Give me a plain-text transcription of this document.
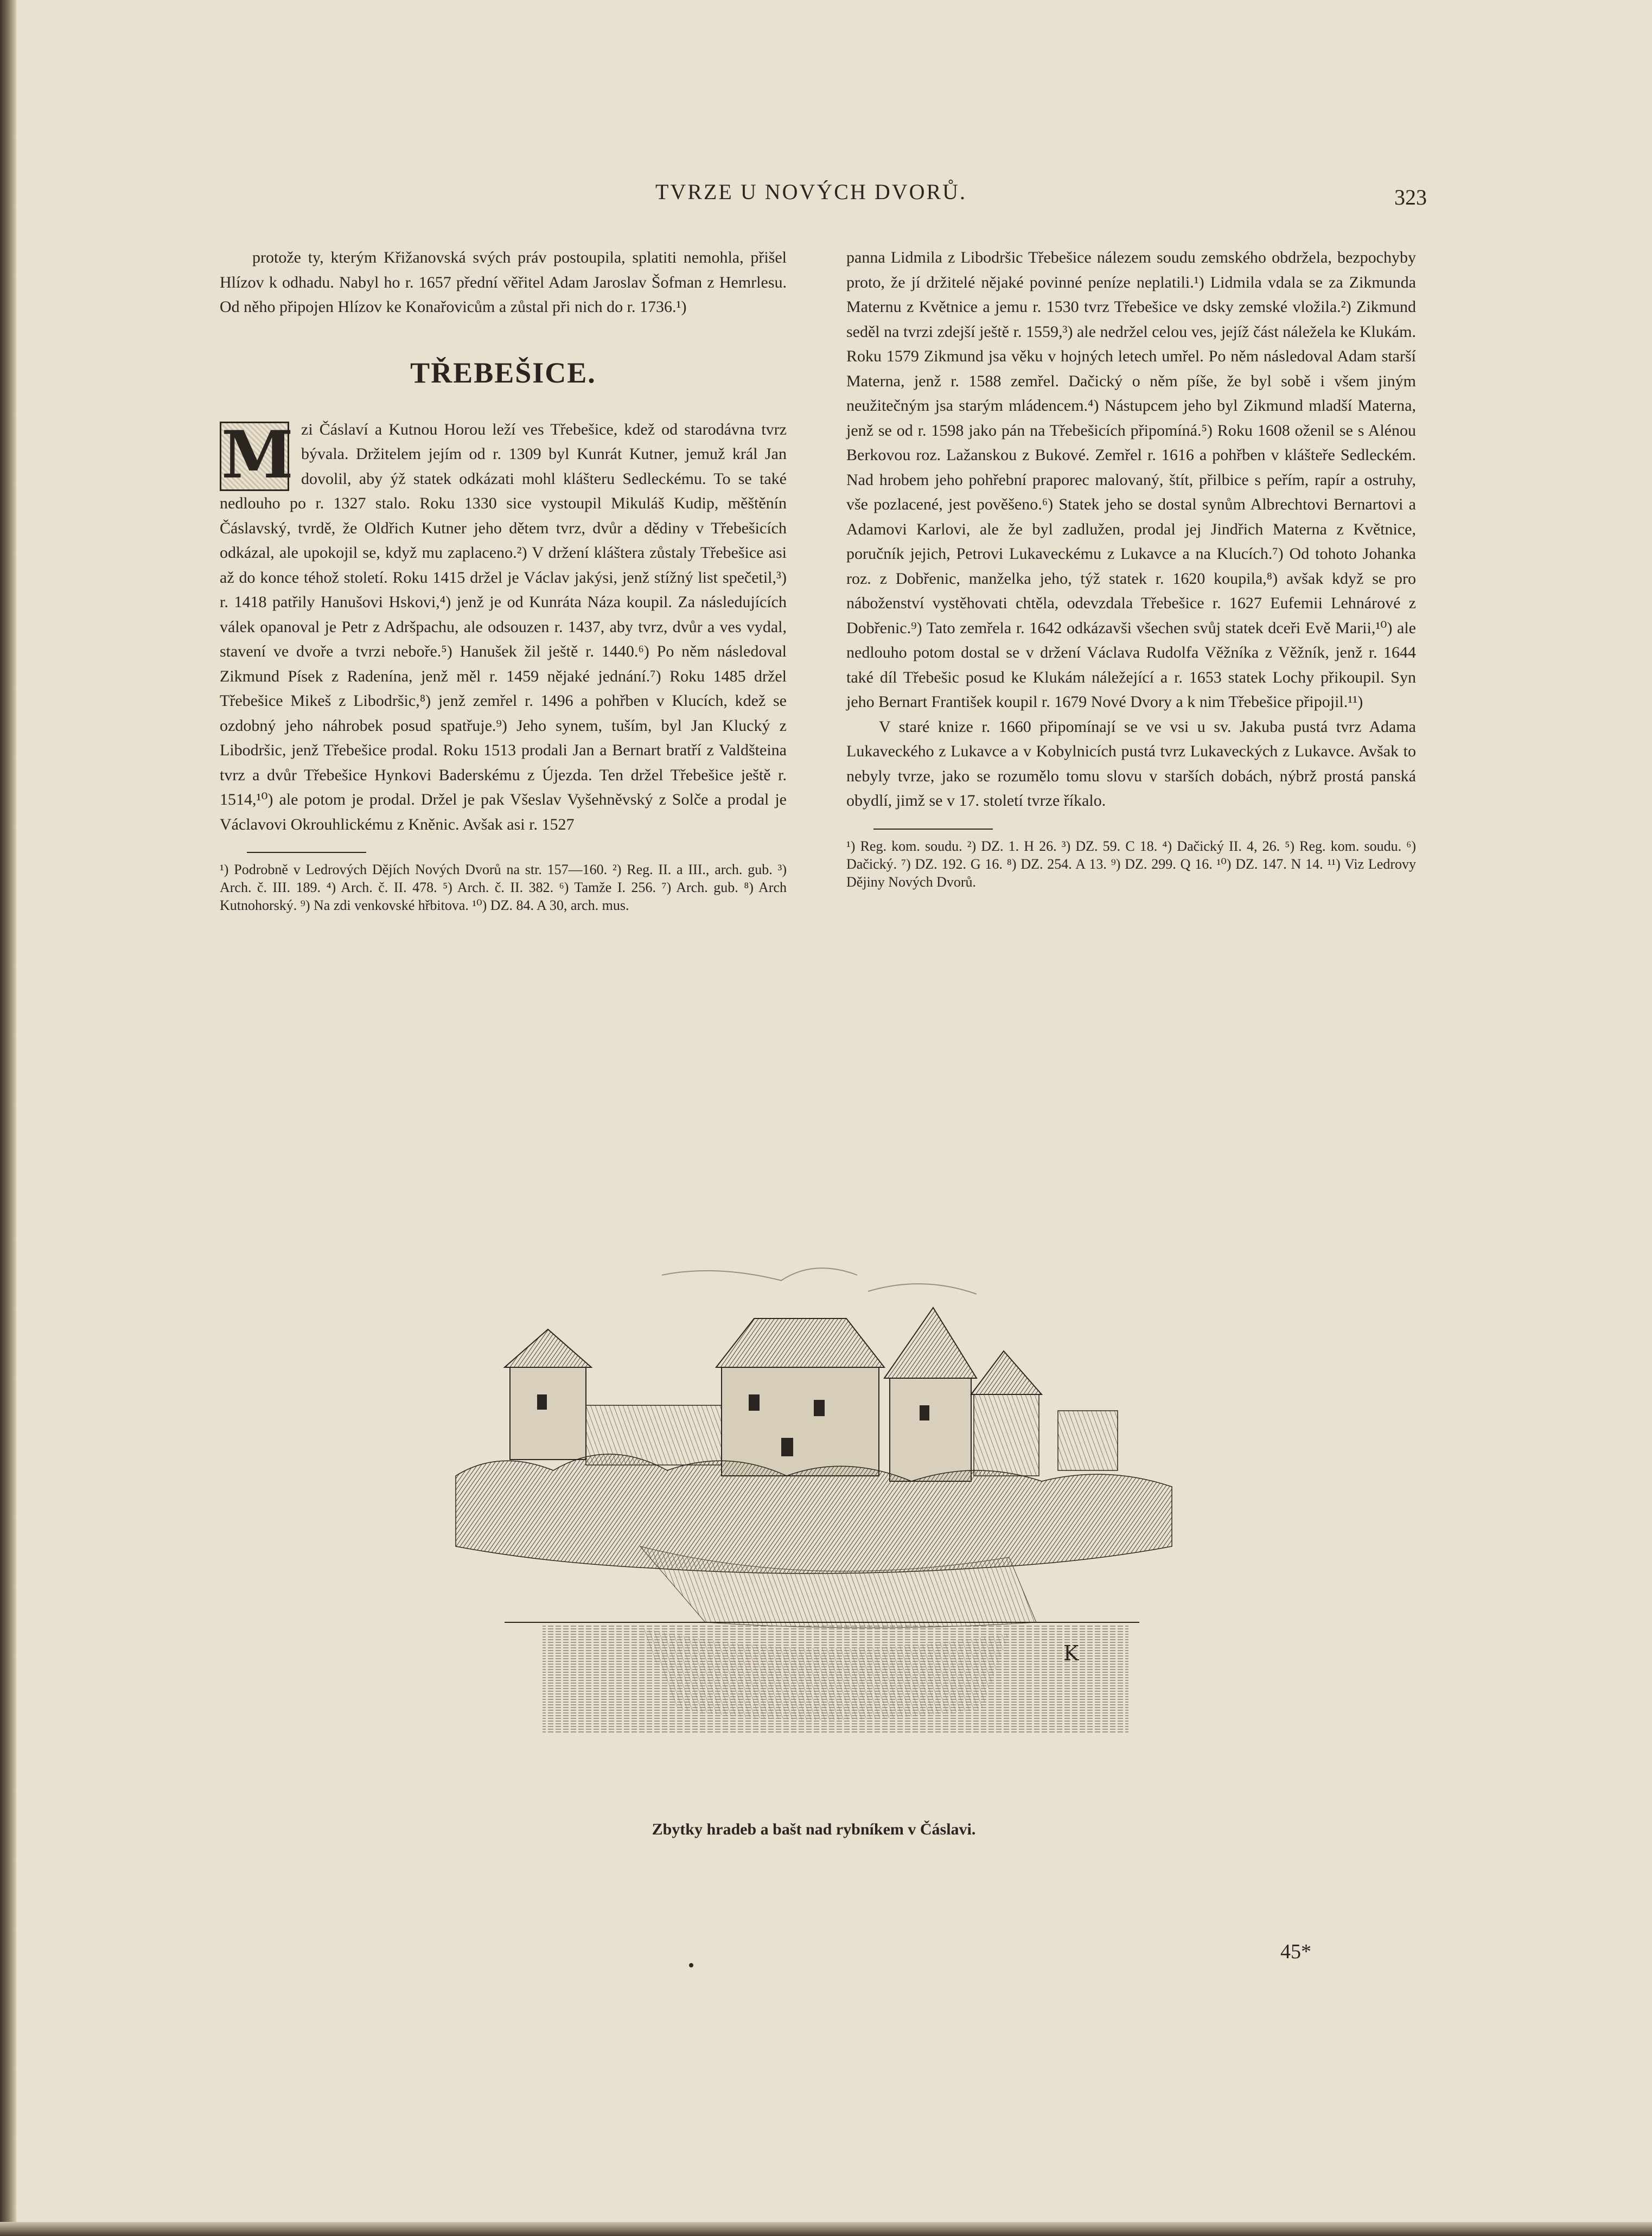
TVRZE U NOVÝCH DVORŮ.	323

protože ty, kterým Křižanovská svých práv postoupila, splatiti nemohla, přišel Hlízov k odhadu. Nabyl ho r. 1657 přední věřitel Adam Jaroslav Šofman z Hemrlesu. Od něho připojen Hlízov ke Konařovicům a zůstal při nich do r. 1736.¹)

TŘEBEŠICE.
M zi Čáslaví a Kutnou Horou leží ves Třebešice, kdež od starodávna tvrz bývala. Držitelem jejím od r. 1309 byl Kunrát Kutner, jemuž král Jan dovolil, aby ýž statek odkázati mohl klášteru Sedleckému. To se také nedlouho po r. 1327 stalo. Roku 1330 sice vystoupil Mikuláš Kudip, měštěnín Čáslavský, tvrdě, že Oldřich Kutner jeho dětem tvrz, dvůr a dědiny v Třebešicích odkázal, ale upokojil se, když mu zaplaceno.²) V držení kláštera zůstaly Třebešice asi až do konce téhož století. Roku 1415 držel je Václav jakýsi, jenž stížný list spečetil,³) r. 1418 patřily Hanušovi Hskovi,⁴) jenž je od Kunráta Náza koupil. Za následujících válek opanoval je Petr z Adršpachu, ale odsouzen r. 1437, aby tvrz, dvůr a ves vydal, stavení ve dvoře a tvrzi neboře.⁵) Hanušek žil ještě r. 1440.⁶) Po něm následoval Zikmund Písek z Radenína, jenž měl r. 1459 nějaké jednání.⁷) Roku 1485 držel Třebešice Mikeš z Libodršic,⁸) jenž zemřel r. 1496 a pohřben v Klucích, kdež se ozdobný jeho náhrobek posud spatřuje.⁹) Jeho synem, tuším, byl Jan Klucký z Libodršic, jenž Třebešice prodal. Roku 1513 prodali Jan a Bernart bratří z Valdšteina tvrz a dvůr Třebešice Hynkovi Baderskému z Újezda. Ten držel Třebešice ještě r. 1514,¹⁰) ale potom je prodal. Držel je pak Všeslav Vyšehněvský z Solče a prodal je Václavovi Okrouhlickému z Kněnic. Avšak asi r. 1527

¹) Podrobně v Ledrových Dějích Nových Dvorů na str. 157—160. ²) Reg. II. a III., arch. gub. ³) Arch. č. III. 189. ⁴) Arch. č. II. 478. ⁵) Arch. č. II. 382. ⁶) Tamže I. 256. ⁷) Arch. gub. ⁸) Arch Kutnohorský. ⁹) Na zdi venkovské hřbitova. ¹⁰) DZ. 84. A 30, arch. mus.

panna Lidmila z Libodršic Třebešice nálezem soudu zemského obdržela, bezpochyby proto, že jí držitelé nějaké povinné peníze neplatili.¹) Lidmila vdala se za Zikmunda Maternu z Květnice a jemu r. 1530 tvrz Třebešice ve dsky zemské vložila.²) Zikmund seděl na tvrzi zdejší ještě r. 1559,³) ale nedržel celou ves, jejíž část náležela ke Klukám. Roku 1579 Zikmund jsa věku v hojných letech umřel. Po něm následoval Adam starší Materna, jenž r. 1588 zemřel. Dačický o něm píše, že byl sobě i všem jiným neužitečným jsa starým mládencem.⁴) Nástupcem jeho byl Zikmund mladší Materna, jenž se od r. 1598 jako pán na Třebešicích připomíná.⁵) Roku 1608 oženil se s Alénou Berkovou roz. Lažanskou z Bukové. Zemřel r. 1616 a pohřben v klášteře Sedleckém. Nad hrobem jeho pohřební praporec malovaný, štít, přilbice s peřím, rapír a ostruhy, vše pozlacené, jest pověšeno.⁶) Statek jeho se dostal synům Albrechtovi Bernartovi a Adamovi Karlovi, ale že byl zadlužen, prodal jej Jindřich Materna z Květnice, poručník jejich, Petrovi Lukaveckému z Lukavce a na Klucích.⁷) Od tohoto Johanka roz. z Dobřenic, manželka jeho, týž statek r. 1620 koupila,⁸) avšak když se pro náboženství vystěhovati chtěla, odevzdala Třebešice r. 1627 Eufemii Lehnárové z Dobřenic.⁹) Tato zemřela r. 1642 odkázavši všechen svůj statek dceři Evě Marii,¹⁰) ale nedlouho potom dostal se v držení Václava Rudolfa Věžníka z Věžník, jenž r. 1644 také díl Třebešic posud ke Klukám náležející a r. 1653 statek Lochy přikoupil. Syn jeho Bernart František koupil r. 1679 Nové Dvory a k nim Třebešice připojil.¹¹)

V staré knize r. 1660 připomínají se ve vsi u sv. Jakuba pustá tvrz Adama Lukaveckého z Lukavce a v Kobylnicích pustá tvrz Lukaveckých z Lukavce. Avšak to nebyly tvrze, jako se rozumělo tomu slovu v starších dobách, nýbrž prostá panská obydlí, jimž se v 17. století tvrze říkalo.

¹) Reg. kom. soudu. ²) DZ. 1. H 26. ³) DZ. 59. C 18. ⁴) Dačický II. 4, 26. ⁵) Reg. kom. soudu. ⁶) Dačický. ⁷) DZ. 192. G 16. ⁸) DZ. 254. A 13. ⁹) DZ. 299. Q 16. ¹⁰) DZ. 147. N 14. ¹¹) Viz Ledrovy Dějiny Nových Dvorů.
K
Zbytky hradeb a bašt nad rybníkem v Čáslavi.
45*
